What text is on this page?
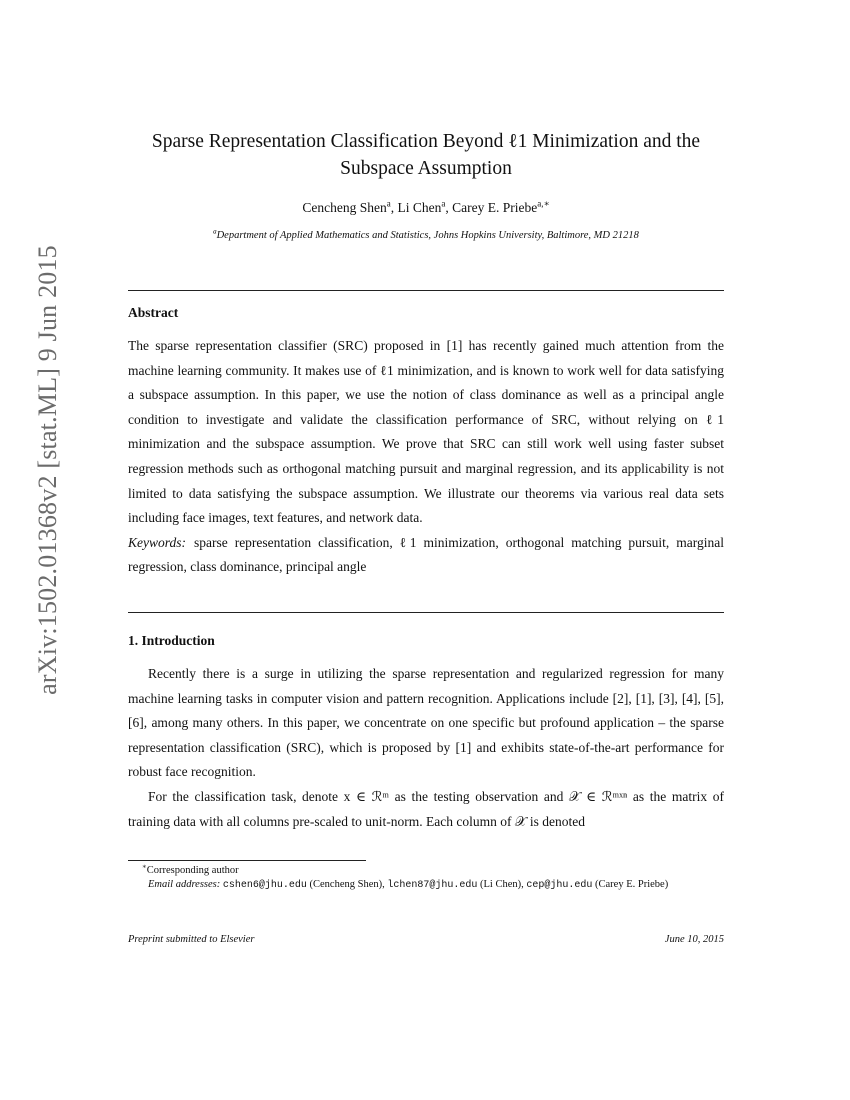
arXiv:1502.01368v2 [stat.ML] 9 Jun 2015
Sparse Representation Classification Beyond ℓ1 Minimization and the
Subspace Assumption
Cencheng Shen$^a$, Li Chen$^a$, Carey E. Priebe$^{a,∗}$
$^a$Department of Applied Mathematics and Statistics, Johns Hopkins University, Baltimore, MD 21218
Abstract

The sparse representation classifier (SRC) proposed in [1] has recently gained much attention from the machine learning community. It makes use of ℓ1 minimization, and is known to work well for data satisfying a subspace assumption. In this paper, we use the notion of class dominance as well as a principal angle condition to investigate and validate the classification performance of SRC, without relying on ℓ1 minimization and the subspace assumption. We prove that SRC can still work well using faster subset regression methods such as orthogonal matching pursuit and marginal regression, and its applicability is not limited to data satisfying the subspace assumption. We illustrate our theorems via various real data sets including face images, text features, and network data.

Keywords: sparse representation classification, ℓ1 minimization, orthogonal matching pursuit, marginal regression, class dominance, principal angle

1. Introduction

Recently there is a surge in utilizing the sparse representation and regularized regression for many machine learning tasks in computer vision and pattern recognition. Applications include [2], [1], [3], [4], [5], [6], among many others. In this paper, we concentrate on one specific but profound application – the sparse representation classification (SRC), which is proposed by [1] and exhibits state-of-the-art performance for robust face recognition.

For the classification task, denote x ∈ ℛᵐ as the testing observation and 𝒳 ∈ ℛᵐˣⁿ as the matrix of training data with all columns pre-scaled to unit-norm. Each column of 𝒳 is denoted

∗Corresponding author

Email addresses: cshen6@jhu.edu (Cencheng Shen), lchen87@jhu.edu (Li Chen), cep@jhu.edu (Carey E. Priebe)

Preprint submitted to Elsevier	June 10, 2015
